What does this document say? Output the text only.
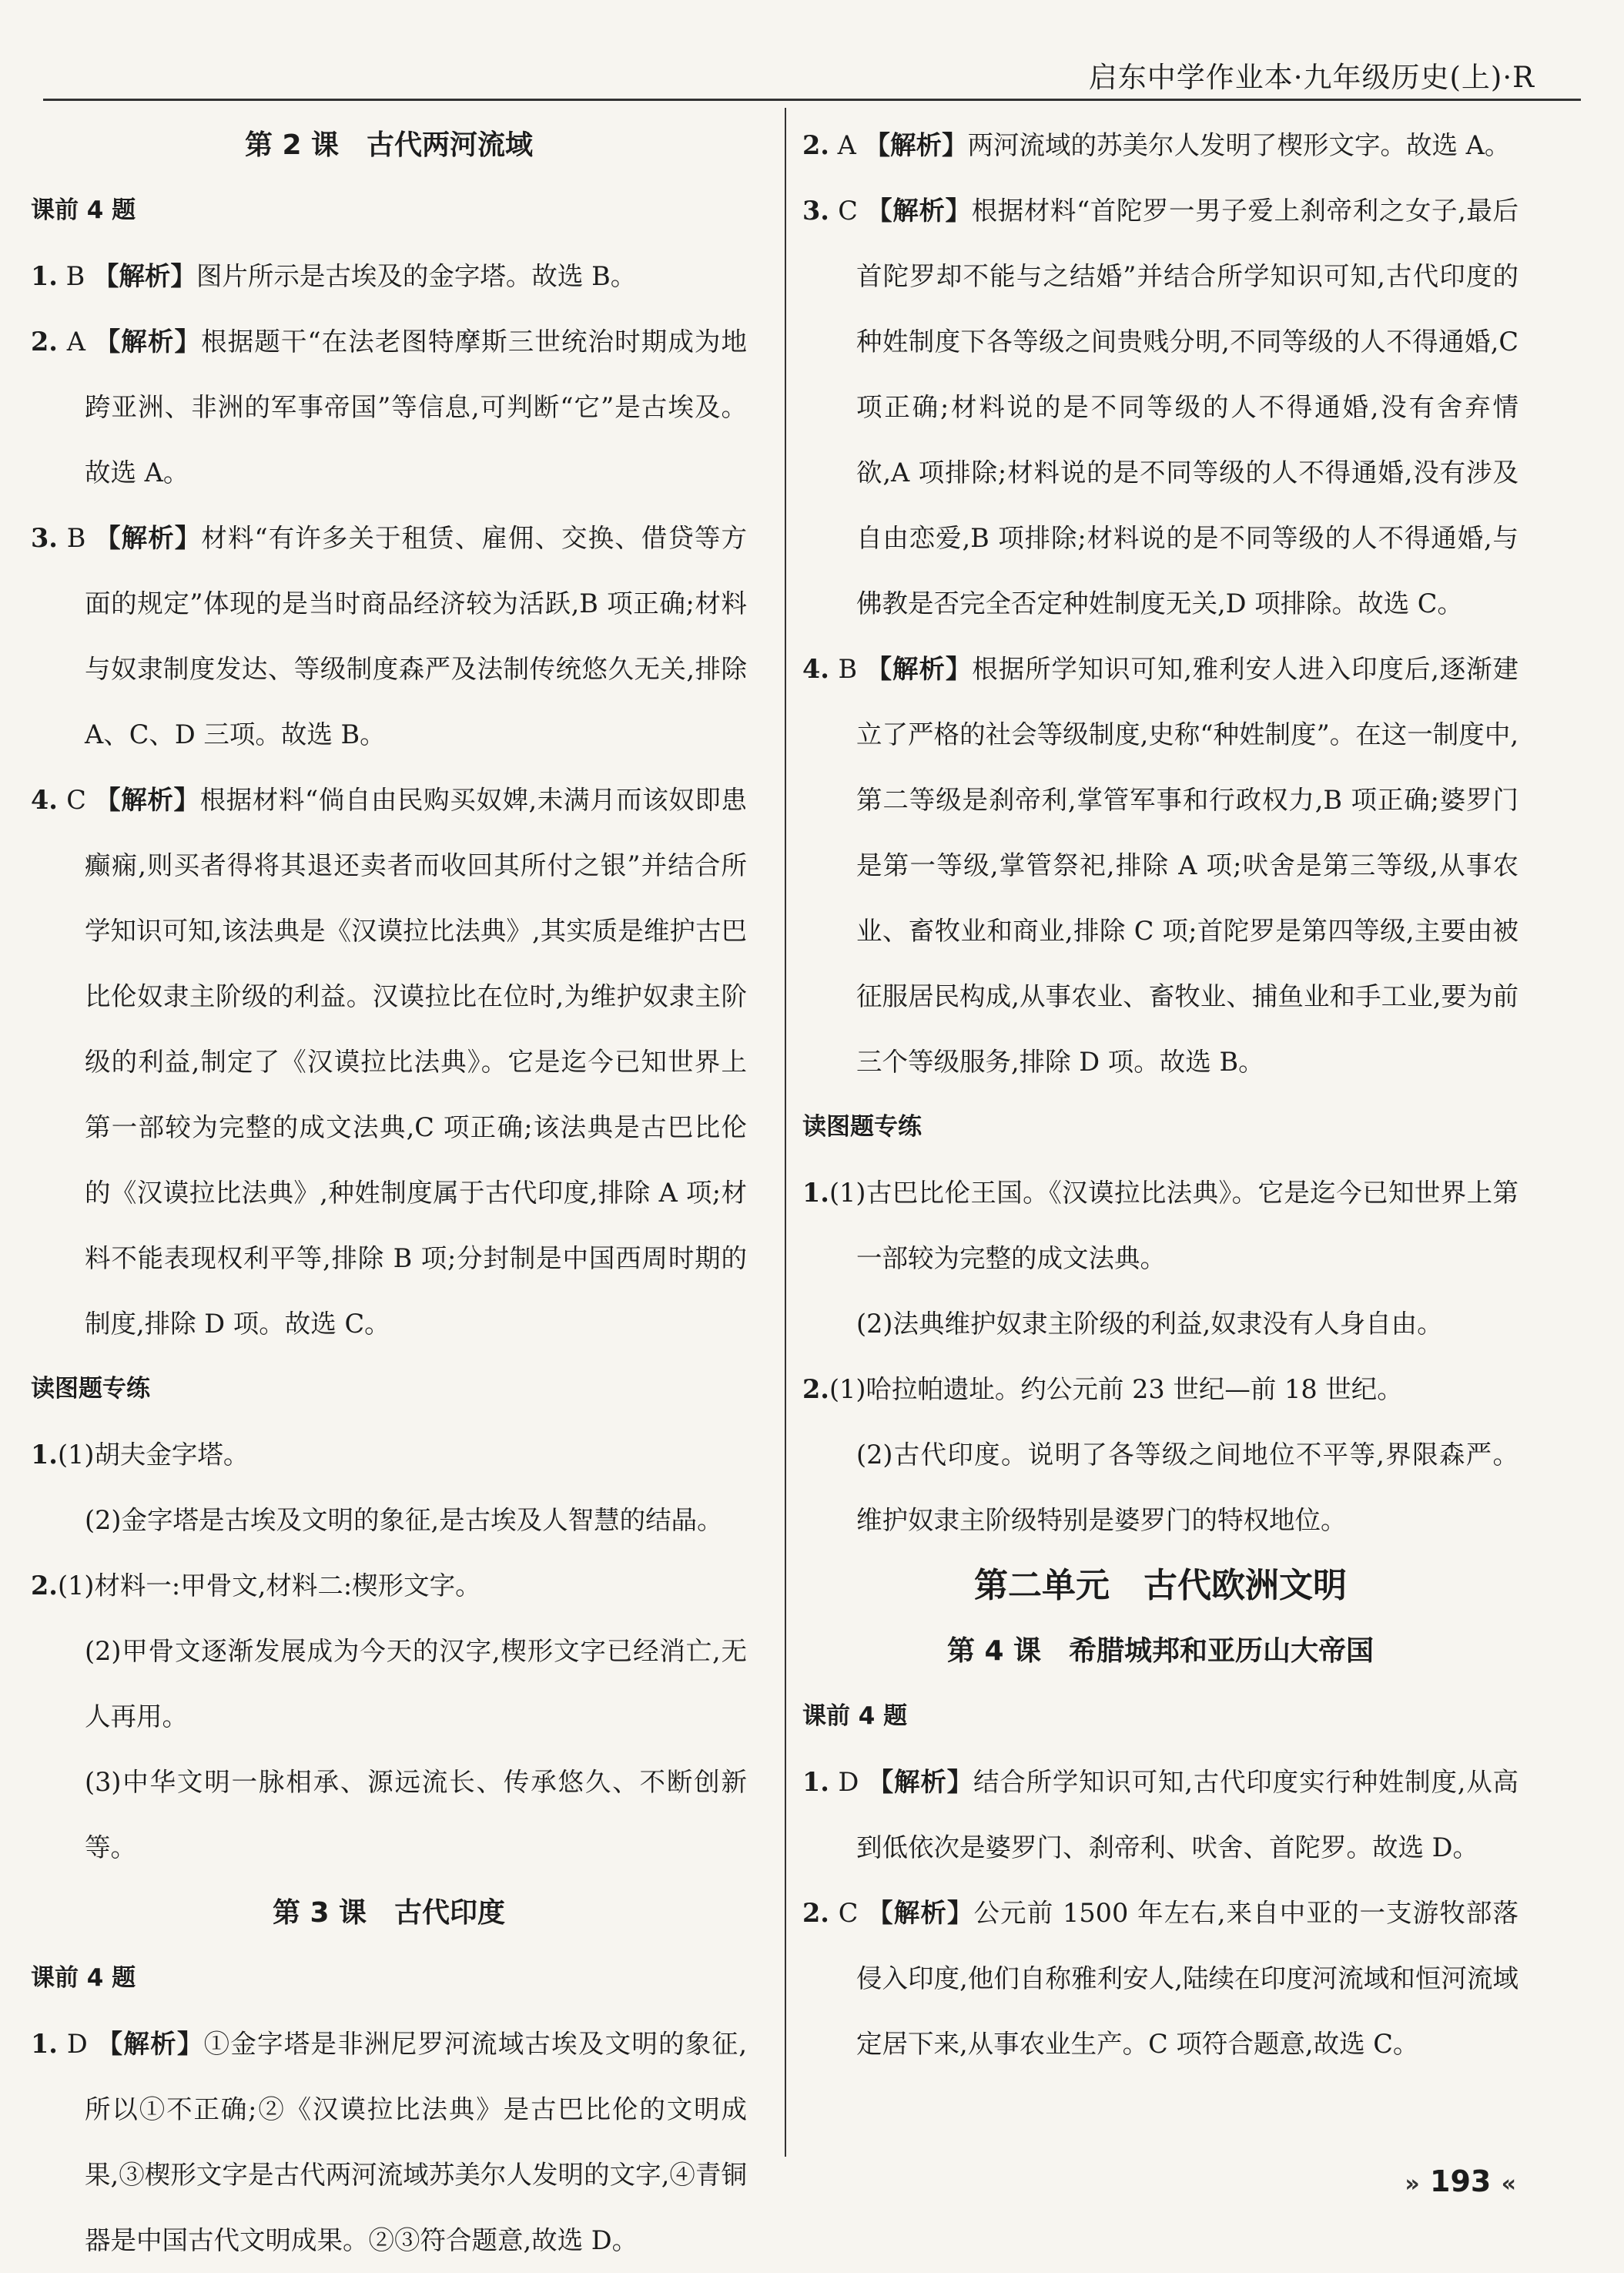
启东中学作业本·九年级历史(上)·R
第 2 课　古代两河流域
课前 4 题
1. B 【解析】图片所示是古埃及的金字塔。故选 B。
2. A 【解析】根据题干“在法老图特摩斯三世统治时期成为地跨亚洲、非洲的军事帝国”等信息,可判断“它”是古埃及。故选 A。
3. B 【解析】材料“有许多关于租赁、雇佣、交换、借贷等方面的规定”体现的是当时商品经济较为活跃,B 项正确;材料与奴隶制度发达、等级制度森严及法制传统悠久无关,排除 A、C、D 三项。故选 B。
4. C 【解析】根据材料“倘自由民购买奴婢,未满月而该奴即患癫痫,则买者得将其退还卖者而收回其所付之银”并结合所学知识可知,该法典是《汉谟拉比法典》,其实质是维护古巴比伦奴隶主阶级的利益。汉谟拉比在位时,为维护奴隶主阶级的利益,制定了《汉谟拉比法典》。它是迄今已知世界上第一部较为完整的成文法典,C 项正确;该法典是古巴比伦的《汉谟拉比法典》,种姓制度属于古代印度,排除 A 项;材料不能表现权利平等,排除 B 项;分封制是中国西周时期的制度,排除 D 项。故选 C。
读图题专练
1.(1)胡夫金字塔。
(2)金字塔是古埃及文明的象征,是古埃及人智慧的结晶。
2.(1)材料一:甲骨文,材料二:楔形文字。
(2)甲骨文逐渐发展成为今天的汉字,楔形文字已经消亡,无人再用。
(3)中华文明一脉相承、源远流长、传承悠久、不断创新等。
第 3 课　古代印度
课前 4 题
1. D 【解析】①金字塔是非洲尼罗河流域古埃及文明的象征,所以①不正确;②《汉谟拉比法典》是古巴比伦的文明成果,③楔形文字是古代两河流域苏美尔人发明的文字,④青铜器是中国古代文明成果。②③符合题意,故选 D。
2. A 【解析】两河流域的苏美尔人发明了楔形文字。故选 A。
3. C 【解析】根据材料“首陀罗一男子爱上刹帝利之女子,最后首陀罗却不能与之结婚”并结合所学知识可知,古代印度的种姓制度下各等级之间贵贱分明,不同等级的人不得通婚,C 项正确;材料说的是不同等级的人不得通婚,没有舍弃情欲,A 项排除;材料说的是不同等级的人不得通婚,没有涉及自由恋爱,B 项排除;材料说的是不同等级的人不得通婚,与佛教是否完全否定种姓制度无关,D 项排除。故选 C。
4. B 【解析】根据所学知识可知,雅利安人进入印度后,逐渐建立了严格的社会等级制度,史称“种姓制度”。在这一制度中,第二等级是刹帝利,掌管军事和行政权力,B 项正确;婆罗门是第一等级,掌管祭祀,排除 A 项;吠舍是第三等级,从事农业、畜牧业和商业,排除 C 项;首陀罗是第四等级,主要由被征服居民构成,从事农业、畜牧业、捕鱼业和手工业,要为前三个等级服务,排除 D 项。故选 B。
读图题专练
1.(1)古巴比伦王国。《汉谟拉比法典》。它是迄今已知世界上第一部较为完整的成文法典。
(2)法典维护奴隶主阶级的利益,奴隶没有人身自由。
2.(1)哈拉帕遗址。约公元前 23 世纪—前 18 世纪。
(2)古代印度。说明了各等级之间地位不平等,界限森严。维护奴隶主阶级特别是婆罗门的特权地位。
第二单元　古代欧洲文明
第 4 课　希腊城邦和亚历山大帝国
课前 4 题
1. D 【解析】结合所学知识可知,古代印度实行种姓制度,从高到低依次是婆罗门、刹帝利、吠舍、首陀罗。故选 D。
2. C 【解析】公元前 1500 年左右,来自中亚的一支游牧部落侵入印度,他们自称雅利安人,陆续在印度河流域和恒河流域定居下来,从事农业生产。C 项符合题意,故选 C。
» 193 «
